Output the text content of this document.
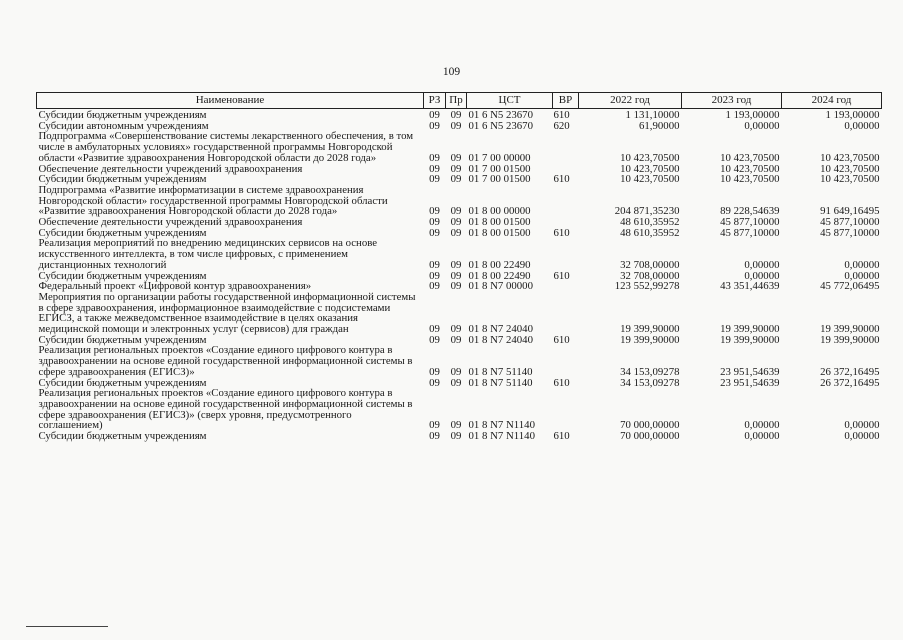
109
Наименование	РЗ	Пр	ЦСТ	ВР	2022 год	2023 год	2024 год
Субсидии бюджетным учреждениям	09	09	01 6 N5 23670	610	1 131,10000	1 193,00000	1 193,00000
Субсидии автономным учреждениям	09	09	01 6 N5 23670	620	61,90000	0,00000	0,00000
Подпрограмма «Совершенствование системы лекарственного обеспечения, в том числе в амбулаторных условиях» государственной программы Новгородской области «Развитие здравоохранения Новгородской области до 2028 года»	09	09	01 7 00 00000		10 423,70500	10 423,70500	10 423,70500
Обеспечение деятельности учреждений здравоохранения	09	09	01 7 00 01500		10 423,70500	10 423,70500	10 423,70500
Субсидии бюджетным учреждениям	09	09	01 7 00 01500	610	10 423,70500	10 423,70500	10 423,70500
Подпрограмма «Развитие информатизации в системе здравоохранения Новгородской области» государственной программы Новгородской области «Развитие здравоохранения Новгородской области до 2028 года»	09	09	01 8 00 00000		204 871,35230	89 228,54639	91 649,16495
Обеспечение деятельности учреждений здравоохранения	09	09	01 8 00 01500		48 610,35952	45 877,10000	45 877,10000
Субсидии бюджетным учреждениям	09	09	01 8 00 01500	610	48 610,35952	45 877,10000	45 877,10000
Реализация мероприятий по внедрению медицинских сервисов на основе искусственного интеллекта, в том числе цифровых, с применением дистанционных технологий	09	09	01 8 00 22490		32 708,00000	0,00000	0,00000
Субсидии бюджетным учреждениям	09	09	01 8 00 22490	610	32 708,00000	0,00000	0,00000
Федеральный проект «Цифровой контур здравоохранения»	09	09	01 8 N7 00000		123 552,99278	43 351,44639	45 772,06495
Мероприятия по организации работы государственной информационной системы в сфере здравоохранения, информационное взаимодействие с подсистемами ЕГИСЗ, а также межведомственное взаимодействие в целях оказания медицинской помощи и электронных услуг (сервисов) для граждан	09	09	01 8 N7 24040		19 399,90000	19 399,90000	19 399,90000
Субсидии бюджетным учреждениям	09	09	01 8 N7 24040	610	19 399,90000	19 399,90000	19 399,90000
Реализация региональных проектов «Создание единого цифрового контура в здравоохранении на основе единой государственной информационной системы в сфере здравоохранения (ЕГИСЗ)»	09	09	01 8 N7 51140		34 153,09278	23 951,54639	26 372,16495
Субсидии бюджетным учреждениям	09	09	01 8 N7 51140	610	34 153,09278	23 951,54639	26 372,16495
Реализация региональных проектов «Создание единого цифрового контура в здравоохранении на основе единой государственной информационной системы в сфере здравоохранения (ЕГИСЗ)» (сверх уровня, предусмотренного соглашением)	09	09	01 8 N7 N1140		70 000,00000	0,00000	0,00000
Субсидии бюджетным учреждениям	09	09	01 8 N7 N1140	610	70 000,00000	0,00000	0,00000
